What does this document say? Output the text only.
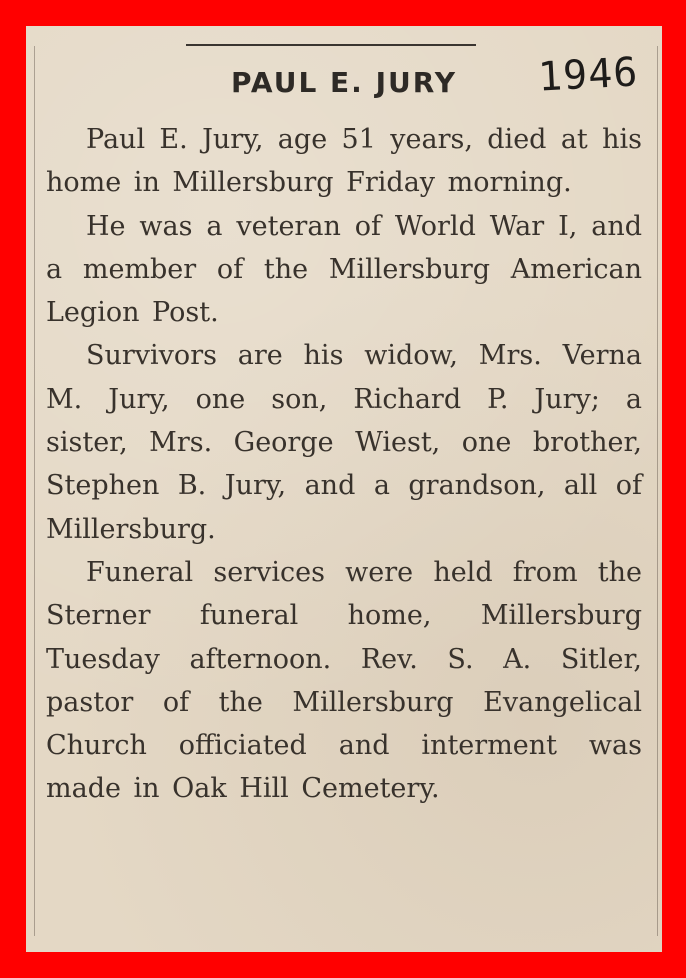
PAUL E. JURY	1946

Paul E. Jury, age 51 years, died at his home in Millersburg Friday morning.

He was a veteran of World War I, and a member of the Millersburg American Legion Post.

Survivors are his widow, Mrs. Verna M. Jury, one son, Richard P. Jury; a sister, Mrs. George Wiest, one brother, Stephen B. Jury, and a grandson, all of Millersburg.

Funeral services were held from the Sterner funeral home, Millersburg Tuesday afternoon. Rev. S. A. Sitler, pastor of the Millersburg Evangelical Church officiated and interment was made in Oak Hill Cemetery.
